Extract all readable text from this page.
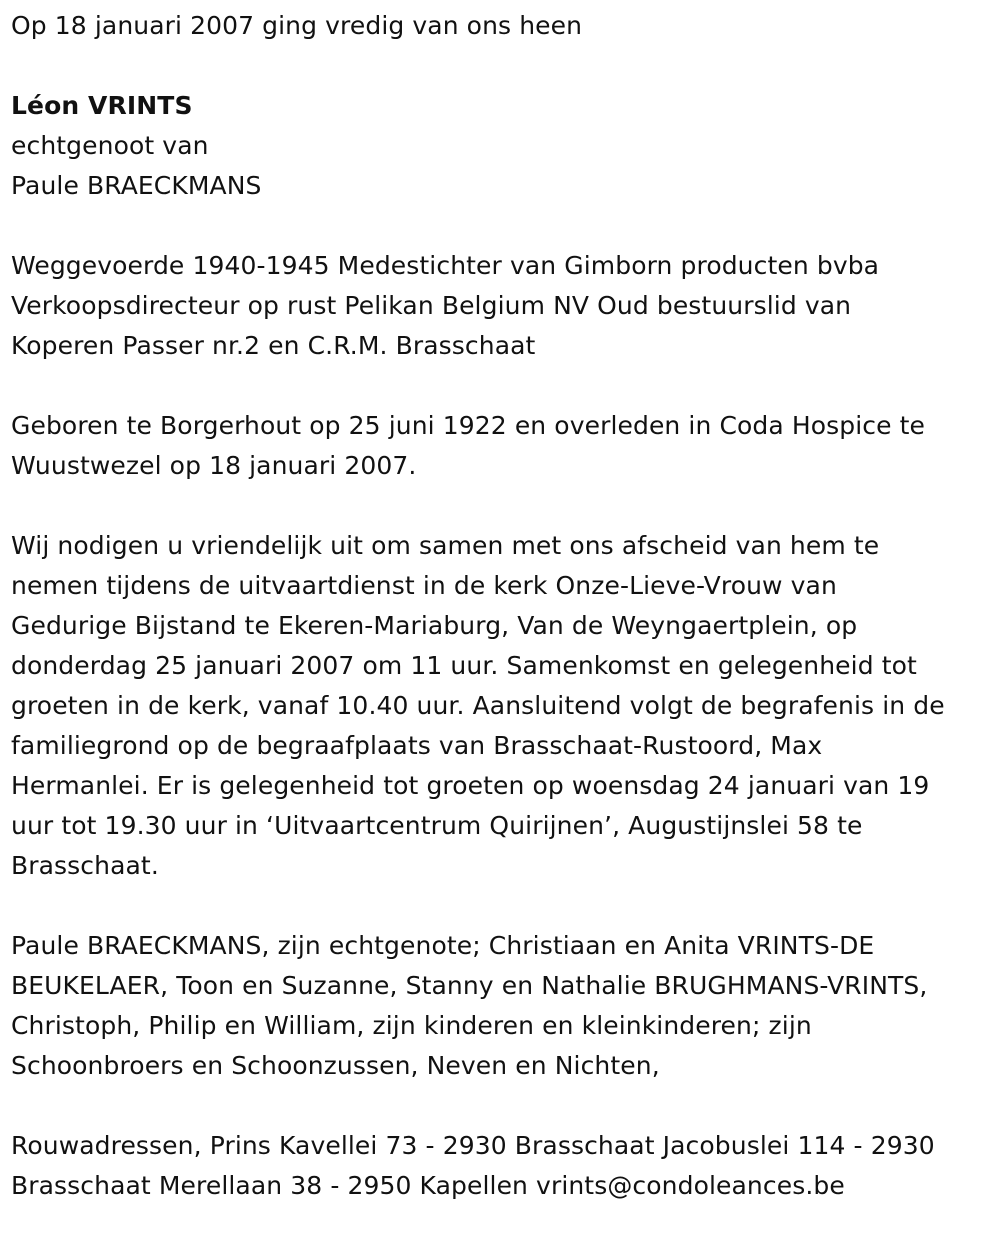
Op 18 januari 2007 ging vredig van ons heen

Léon VRINTS

echtgenoot van

Paule BRAECKMANS

Weggevoerde 1940-1945 Medestichter van Gimborn producten bvba

Verkoopsdirecteur op rust Pelikan Belgium NV Oud bestuurslid van

Koperen Passer nr.2 en C.R.M. Brasschaat

Geboren te Borgerhout op 25 juni 1922 en overleden in Coda Hospice te

Wuustwezel op 18 januari 2007.

Wij nodigen u vriendelijk uit om samen met ons afscheid van hem te

nemen tijdens de uitvaartdienst in de kerk Onze-Lieve-Vrouw van

Gedurige Bijstand te Ekeren-Mariaburg, Van de Weyngaertplein, op

donderdag 25 januari 2007 om 11 uur. Samenkomst en gelegenheid tot

groeten in de kerk, vanaf 10.40 uur. Aansluitend volgt de begrafenis in de

familiegrond op de begraafplaats van Brasschaat-Rustoord, Max

Hermanlei. Er is gelegenheid tot groeten op woensdag 24 januari van 19

uur tot 19.30 uur in ‘Uitvaartcentrum Quirijnen’, Augustijnslei 58 te

Brasschaat.

Paule BRAECKMANS, zijn echtgenote; Christiaan en Anita VRINTS-DE

BEUKELAER, Toon en Suzanne, Stanny en Nathalie BRUGHMANS-VRINTS,

Christoph, Philip en William, zijn kinderen en kleinkinderen; zijn

Schoonbroers en Schoonzussen, Neven en Nichten,

Rouwadressen, Prins Kavellei 73 - 2930 Brasschaat Jacobuslei 114 - 2930

Brasschaat Merellaan 38 - 2950 Kapellen vrints@condoleances.be
